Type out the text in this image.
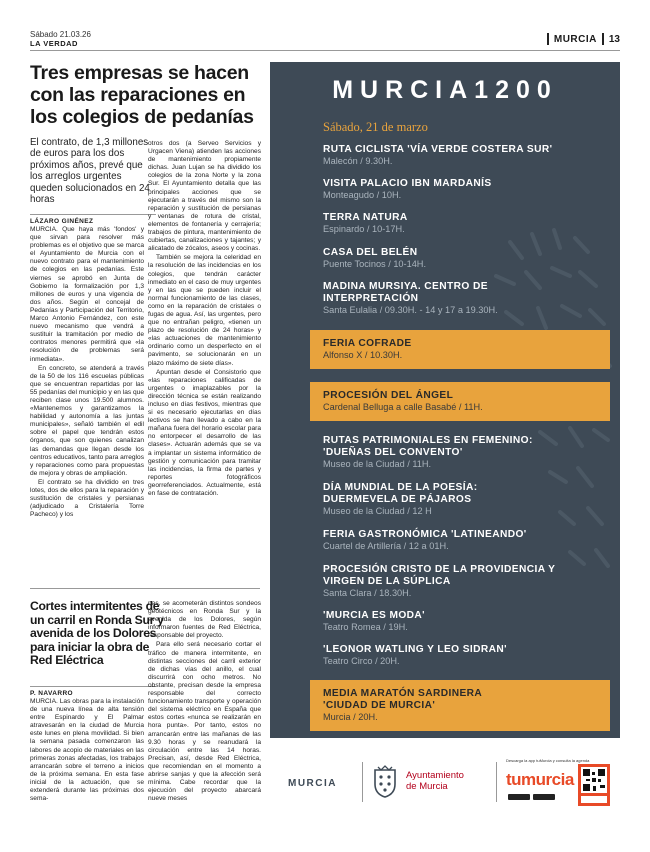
Sábado 21.03.26
LA VERDAD	MURCIA 13
Tres empresas se hacen con las reparaciones en los colegios de pedanías
El contrato, de 1,3 millones de euros para los dos próximos años, prevé que los arreglos urgentes queden solucionados en 24 horas
LÁZARO GINÉNEZ

MURCIA. Que haya más 'fondos' y que sirvan para resolver más problemas es el objetivo que se marca el Ayuntamiento de Murcia con el nuevo contrato para el mantenimiento de colegios en las pedanías. Este viernes se aprobó en Junta de Gobierno la formalización por 1,3 millones de euros y una vigencia de dos años. Según el concejal de Pedanías y Participación del Territorio, Marco Antonio Fernández, con este nuevo mecanismo que vendrá a sustituir la tramitación por medio de contratos menores permitirá que «la resolución de problemas será inmediata».

En concreto, se atenderá a través de la 50 de los 116 escuelas públicas que se encuentran repartidas por las 55 pedanías del municipio y en las que reciben clase unos 19.500 alumnos. «Mantenemos y garantizamos la habilidad y autonomía a las juntas municipales», señaló también el edil sobre el papel que tendrán estos órganos, que son quienes canalizan las demandas que llegan desde los centros educativos, tanto para arreglos y reparaciones como para propuestas de mejora y obras de ampliación.

El contrato se ha dividido en tres lotes, dos de ellos para la reparación y sustitución de cristales y persianas (adjudicado a Cristalería Torre Pacheco) y los

otros dos (a Serveo Servicios y Urgacen Viena) atienden las acciones de mantenimiento propiamente dichas. Juan Lujan se ha dividido los colegios de la zona Norte y la zona Sur. El Ayuntamiento detalla que las principales acciones que se ejecutarán a través del mismo son la reparación y sustitución de persianas y ventanas de rotura de cristal, elementos de fontanería y cerrajería; trabajos de pintura, mantenimiento de cubiertas, canalizaciones y tajantes; y alicatado de zócalos, aseos y cocinas.

También se mejora la celeridad en la resolución de las incidencias en los colegios, que tendrán carácter inmediato en el caso de muy urgentes y en las que se pueden incluir el normal funcionamiento de las clases, como en la reparación de cristales o fugas de agua. Así, las urgentes, pero que no entrañan peligro, «tienen un plazo de resolución de 24 horas» y «las actuaciones de mantenimiento ordinario como un desperfecto en el pavimento, se solucionarán en un plazo máximo de siete días».

Apuntan desde el Consistorio que «las reparaciones calificadas de urgentes o imaplazables por la dirección técnica se están realizando incluso en días festivos, mientras que si es necesario ejecutarlas en días lectivos se han llevado a cabo en la mañana fuera del horario escolar para no entorpecer el desarrollo de las clases». Actuarán además que se va a implantar un sistema informático de gestión y comunicación para tramitar las incidencias, la firma de partes y reportes fotográficos georreferenciados. Actualmente, está en fase de contratación.

Cortes intermitentes de un carril en Ronda Sur y avenida de los Dolores para iniciar la obra de Red Eléctrica
P. NAVARRO

MURCIA. Las obras para la instalación de una nueva línea de alta tensión entre Espinardo y El Palmar atravesarán en la ciudad de Murcia este lunes en plena movilidad. Si bien la semana pasada comenzaron las labores de acopio de materiales en las primeras zonas afectadas, los trabajos arrancarán sobre el terreno a inicios de la próxima semana. En esta fase inicial de la actuación, que se extenderá durante las próximas dos sema-

nas, se acometerán distintos sondeos geotécnicos en Ronda Sur y la avenida de los Dolores, según informaron fuentes de Red Eléctrica, responsable del proyecto.

Para ello será necesario cortar el tráfico de manera intermitente, en distintas secciones del carril exterior de dichas vías del anillo, el cual discurrirá con ocho metros. No obstante, precisan desde la empresa responsable del correcto funcionamiento transporte y operación del sistema eléctrico en España que estos cortes «nunca se realizarán en hora punta». Por tanto, estos no arrancarán entre las mañanas de las 9.30 horas y se reanudará la circulación entre las 14 horas. Precisan, así, desde Red Eléctrica, que recomiendan en el momento a abrirse sanjas y que la afección será mínima. Cabe recordar que la ejecución del proyecto abarcará nueve meses

MURCIA1200
Sábado, 21 de marzo
RUTA CICLISTA 'VÍA VERDE COSTERA SUR'
Malecón / 9.30H.
VISITA PALACIO IBN MARDANÍS
Monteagudo / 10H.
TERRA NATURA
Espinardo / 10-17H.
CASA DEL BELÉN
Puente Tocinos / 10-14H.
MADINA MURSIYA. CENTRO DE INTERPRETACIÓN
Santa Eulalia / 09.30H. - 14 y 17 a 19.30H.
FERIA COFRADE
Alfonso X / 10.30H.
PROCESIÓN DEL ÁNGEL
Cardenal Belluga a calle Basabé / 11H.
RUTAS PATRIMONIALES EN FEMENINO: 'DUEÑAS DEL CONVENTO'
Museo de la Ciudad / 11H.
DÍA MUNDIAL DE LA POESÍA: DUERMEVELA DE PÁJAROS
Museo de la Ciudad / 12 H
FERIA GASTRONÓMICA 'LATINEANDO'
Cuartel de Artillería / 12 a 01H.
PROCESIÓN CRISTO DE LA PROVIDENCIA Y VIRGEN DE LA SÚPLICA
Santa Clara / 18.30H.
'MURCIA ES MODA'
Teatro Romea / 19H.
'LEONOR WATLING Y LEO SIDRAN'
Teatro Circo / 20H.
MEDIA MARATÓN SARDINERA 'CIUDAD DE MURCIA'
Murcia / 20H.
MURCIA
Ayuntamiento
de Murcia
Descarga la app tuMurcia y consulta la agenda
tumurcia
